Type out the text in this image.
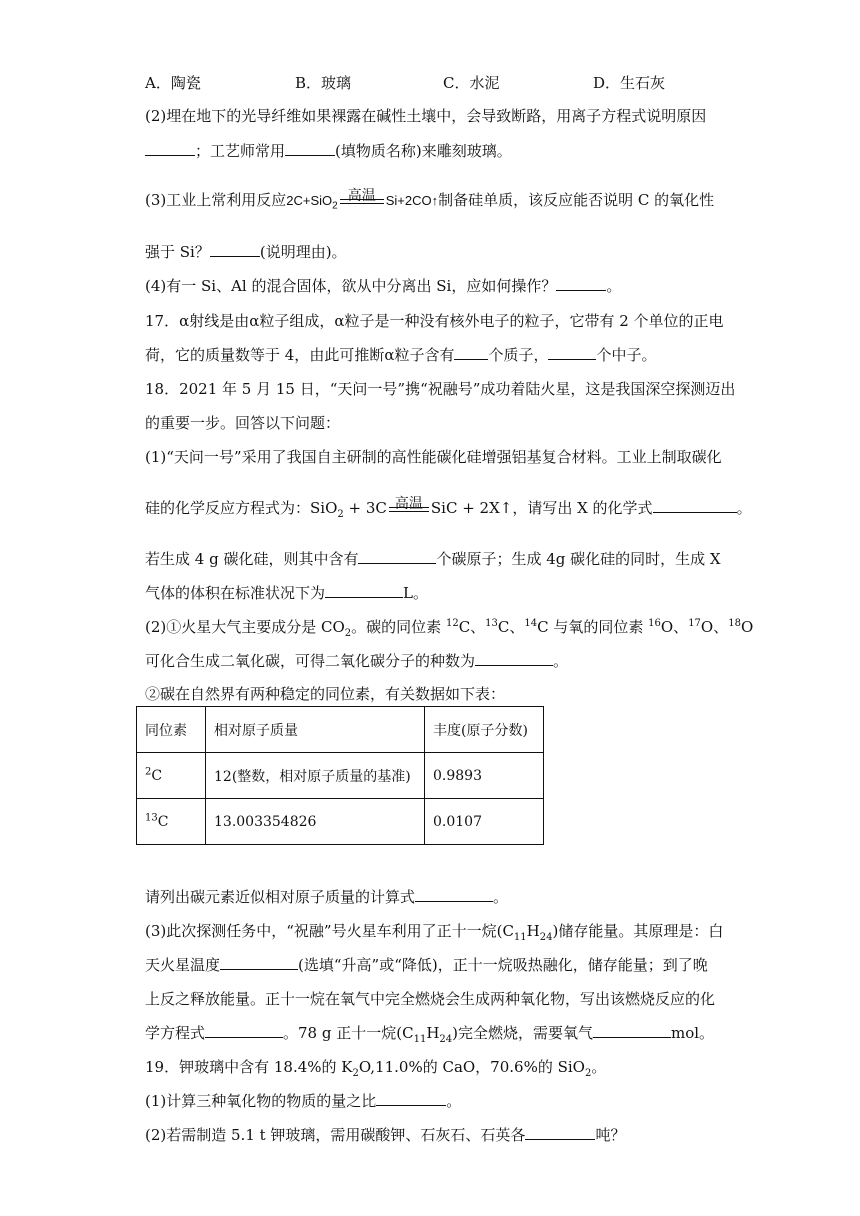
A．陶瓷	B．玻璃	C．水泥	D．生石灰
(2)埋在地下的光导纤维如果裸露在碱性土壤中，会导致断路，用离子方程式说明原因
；工艺师常用	(填物质名称)来雕刻玻璃。
(3)工业上常利用反应2C+SiO$_2$
高温 Si+2CO↑制备硅单质，该反应能否说明 C 的氧化性
强于 Si？	(说明理由)。
(4)有一 Si、Al 的混合固体，欲从中分离出 Si，应如何操作？	。
17．α射线是由α粒子组成，α粒子是一种没有核外电子的粒子，它带有 2 个单位的正电
荷，它的质量数等于 4，由此可推断α粒子含有 个质子，	个中子。
18．2021 年 5 月 15 日，“天问一号”携“祝融号”成功着陆火星，这是我国深空探测迈出
的重要一步。回答以下问题：
(1)“天问一号”采用了我国自主研制的高性能碳化硅增强铝基复合材料。工业上制取碳化
硅的化学反应方程式为：SiO$_2$ + 3C 高温 SiC + 2X↑，请写出 X 的化学式	。
若生成 4 g 碳化硅，则其中含有	个碳原子；生成 4g 碳化硅的同时，生成 X
气体的体积在标准状况下为	L。
(2)①火星大气主要成分是 $CO_2$。碳的同位素 $^{12}$C、$^{13}$C、$^{14}$C 与氧的同位素 $^{16}$O、$^{17}$O、$^{18}$O
可化合生成二氧化碳，可得二氧化碳分子的种数为	。
②碳在自然界有两种稳定的同位素，有关数据如下表：
同位素	相对原子质量	丰度(原子分数)
$^2$C	12(整数，相对原子质量的基准)	0.9893
$^{13}$C	13.003354826	0.0107
请列出碳元素近似相对原子质量的计算式	。
(3)此次探测任务中，“祝融”号火星车利用了正十一烷$(C_{11}H_{24})$储存能量。其原理是：白
天火星温度	(选填“升高”或“降低)，正十一烷吸热融化，储存能量；到了晚
上反之释放能量。正十一烷在氧气中完全燃烧会生成两种氧化物，写出该燃烧反应的化
学方程式	。78 g 正十一烷$(C_{11}H_{24})$完全燃烧，需要氧气	mol。
19．钾玻璃中含有 18.4%的 $K_2O,11.0\%$的 CaO，70.6%的 SiO$_2$。
(1)计算三种氧化物的物质的量之比	。
(2)若需制造 5.1 t 钾玻璃，需用碳酸钾、石灰石、石英各	吨？
